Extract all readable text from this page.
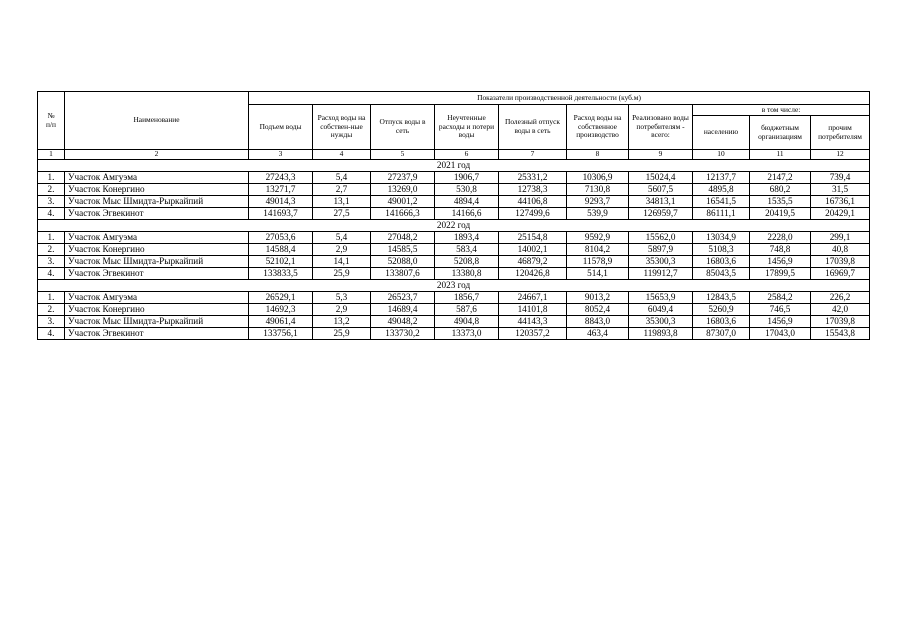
№
п/п	Наименование	Показатели производственной деятельности (куб.м)									
		Подъем воды	Расход воды на собствен-ные нужды	Отпуск воды в сеть	Неучтенные расходы и потери воды	Полезный отпуск воды в сеть	Расход воды на собственное производство	Реализовано воды потребителям - всего:	в том числе:		
									населению	бюджетным организациям	прочим потребителям
1	2	3	4	5	6	7	8	9	10	11	12
2021 год											
1.	Участок Амгуэма	27243,3	5,4	27237,9	1906,7	25331,2	10306,9	15024,4	12137,7	2147,2	739,4
2.	Участок Конергино	13271,7	2,7	13269,0	530,8	12738,3	7130,8	5607,5	4895,8	680,2	31,5
3.	Участок Мыс Шмидта-Рыркайпий	49014,3	13,1	49001,2	4894,4	44106,8	9293,7	34813,1	16541,5	1535,5	16736,1
4.	Участок Эгвекинот	141693,7	27,5	141666,3	14166,6	127499,6	539,9	126959,7	86111,1	20419,5	20429,1
2022 год											
1.	Участок Амгуэма	27053,6	5,4	27048,2	1893,4	25154,8	9592,9	15562,0	13034,9	2228,0	299,1
2.	Участок Конергино	14588,4	2,9	14585,5	583,4	14002,1	8104,2	5897,9	5108,3	748,8	40,8
3.	Участок Мыс Шмидта-Рыркайпий	52102,1	14,1	52088,0	5208,8	46879,2	11578,9	35300,3	16803,6	1456,9	17039,8
4.	Участок Эгвекинот	133833,5	25,9	133807,6	13380,8	120426,8	514,1	119912,7	85043,5	17899,5	16969,7
2023 год											
1.	Участок Амгуэма	26529,1	5,3	26523,7	1856,7	24667,1	9013,2	15653,9	12843,5	2584,2	226,2
2.	Участок Конергино	14692,3	2,9	14689,4	587,6	14101,8	8052,4	6049,4	5260,9	746,5	42,0
3.	Участок Мыс Шмидта-Рыркайпий	49061,4	13,2	49048,2	4904,8	44143,3	8843,0	35300,3	16803,6	1456,9	17039,8
4.	Участок Эгвекинот	133756,1	25,9	133730,2	13373,0	120357,2	463,4	119893,8	87307,0	17043,0	15543,8
